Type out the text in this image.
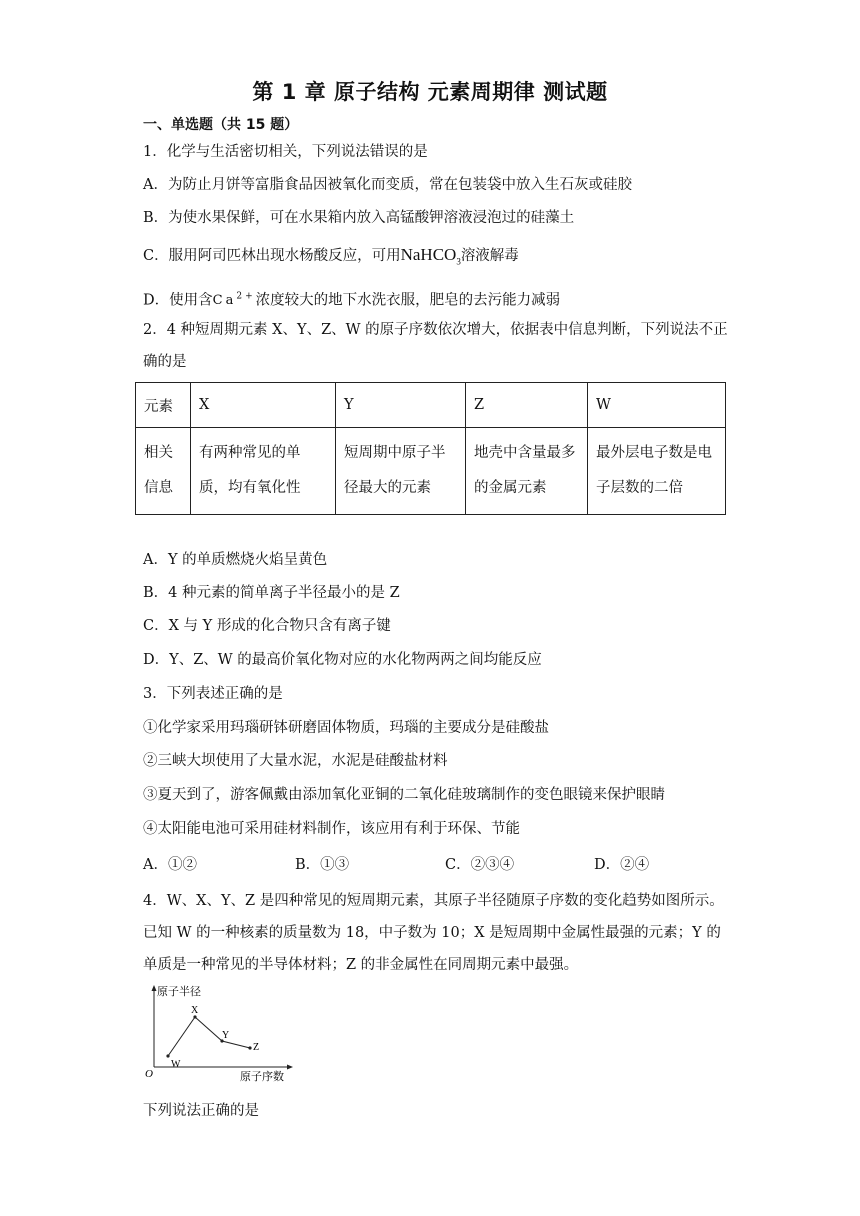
第 1 章 原子结构 元素周期律 测试题
一、单选题（共 15 题）
1．化学与生活密切相关，下列说法错误的是
A．为防止月饼等富脂食品因被氧化而变质，常在包装袋中放入生石灰或硅胶
B．为使水果保鲜，可在水果箱内放入高锰酸钾溶液浸泡过的硅藻土
C．服用阿司匹林出现水杨酸反应，可用NaHCO$_3$溶液解毒
D．使用含$Ca^{2+}$浓度较大的地下水洗衣服，肥皂的去污能力减弱
2．4 种短周期元素 X、Y、Z、W 的原子序数依次增大，依据表中信息判断，下列说法不正确的是
元素	X	Y	Z	W
相关信息	有两种常见的单质，均有氧化性	短周期中原子半径最大的元素	地壳中含量最多的金属元素	最外层电子数是电子层数的二倍
A．Y 的单质燃烧火焰呈黄色
B．4 种元素的简单离子半径最小的是 Z
C．X 与 Y 形成的化合物只含有离子键
D．Y、Z、W 的最高价氧化物对应的水化物两两之间均能反应
3．下列表述正确的是
①化学家采用玛瑙研钵研磨固体物质，玛瑙的主要成分是硅酸盐
②三峡大坝使用了大量水泥，水泥是硅酸盐材料
③夏天到了，游客佩戴由添加氧化亚铜的二氧化硅玻璃制作的变色眼镜来保护眼睛
④太阳能电池可采用硅材料制作，该应用有利于环保、节能
A．①②	B．①③	C．②③④	D．②④
4．W、X、Y、Z 是四种常见的短周期元素，其原子半径随原子序数的变化趋势如图所示。已知 W 的一种核素的质量数为 18，中子数为 10；X 是短周期中金属性最强的元素；Y 的单质是一种常见的半导体材料；Z 的非金属性在同周期元素中最强。
原子半径
原子序数
O
W
X
Y
Z
下列说法正确的是
